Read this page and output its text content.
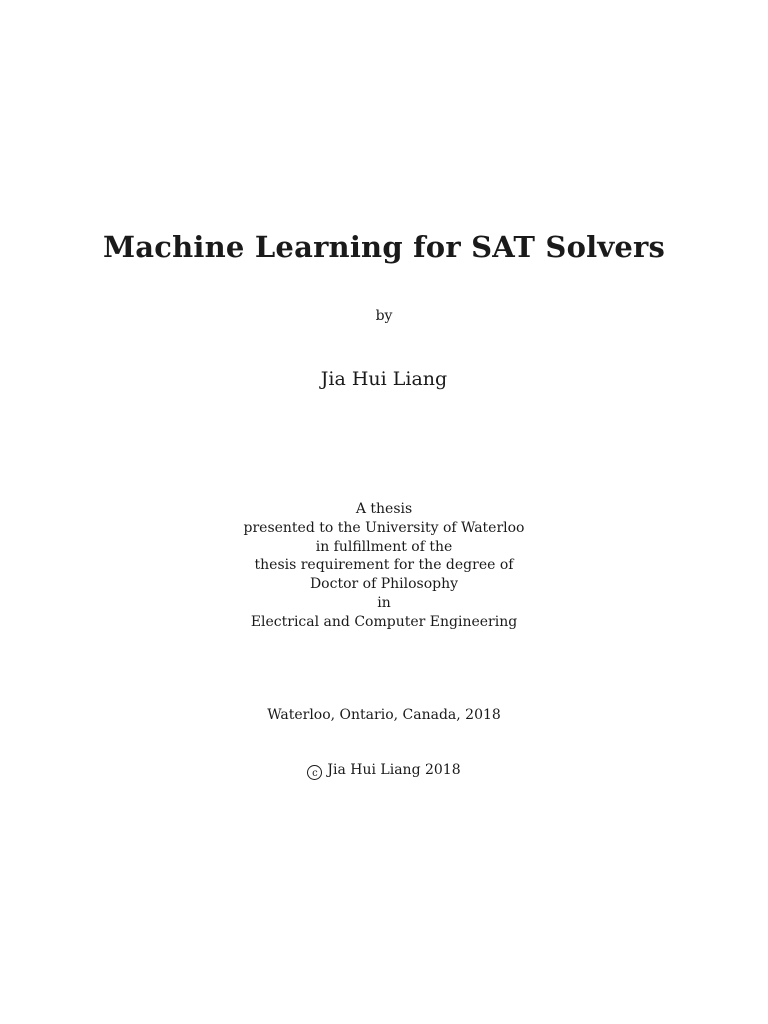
Machine Learning for SAT Solvers
by
Jia Hui Liang
A thesis
presented to the University of Waterloo
in fulfillment of the
thesis requirement for the degree of
Doctor of Philosophy
in
Electrical and Computer Engineering
Waterloo, Ontario, Canada, 2018
c Jia Hui Liang 2018
